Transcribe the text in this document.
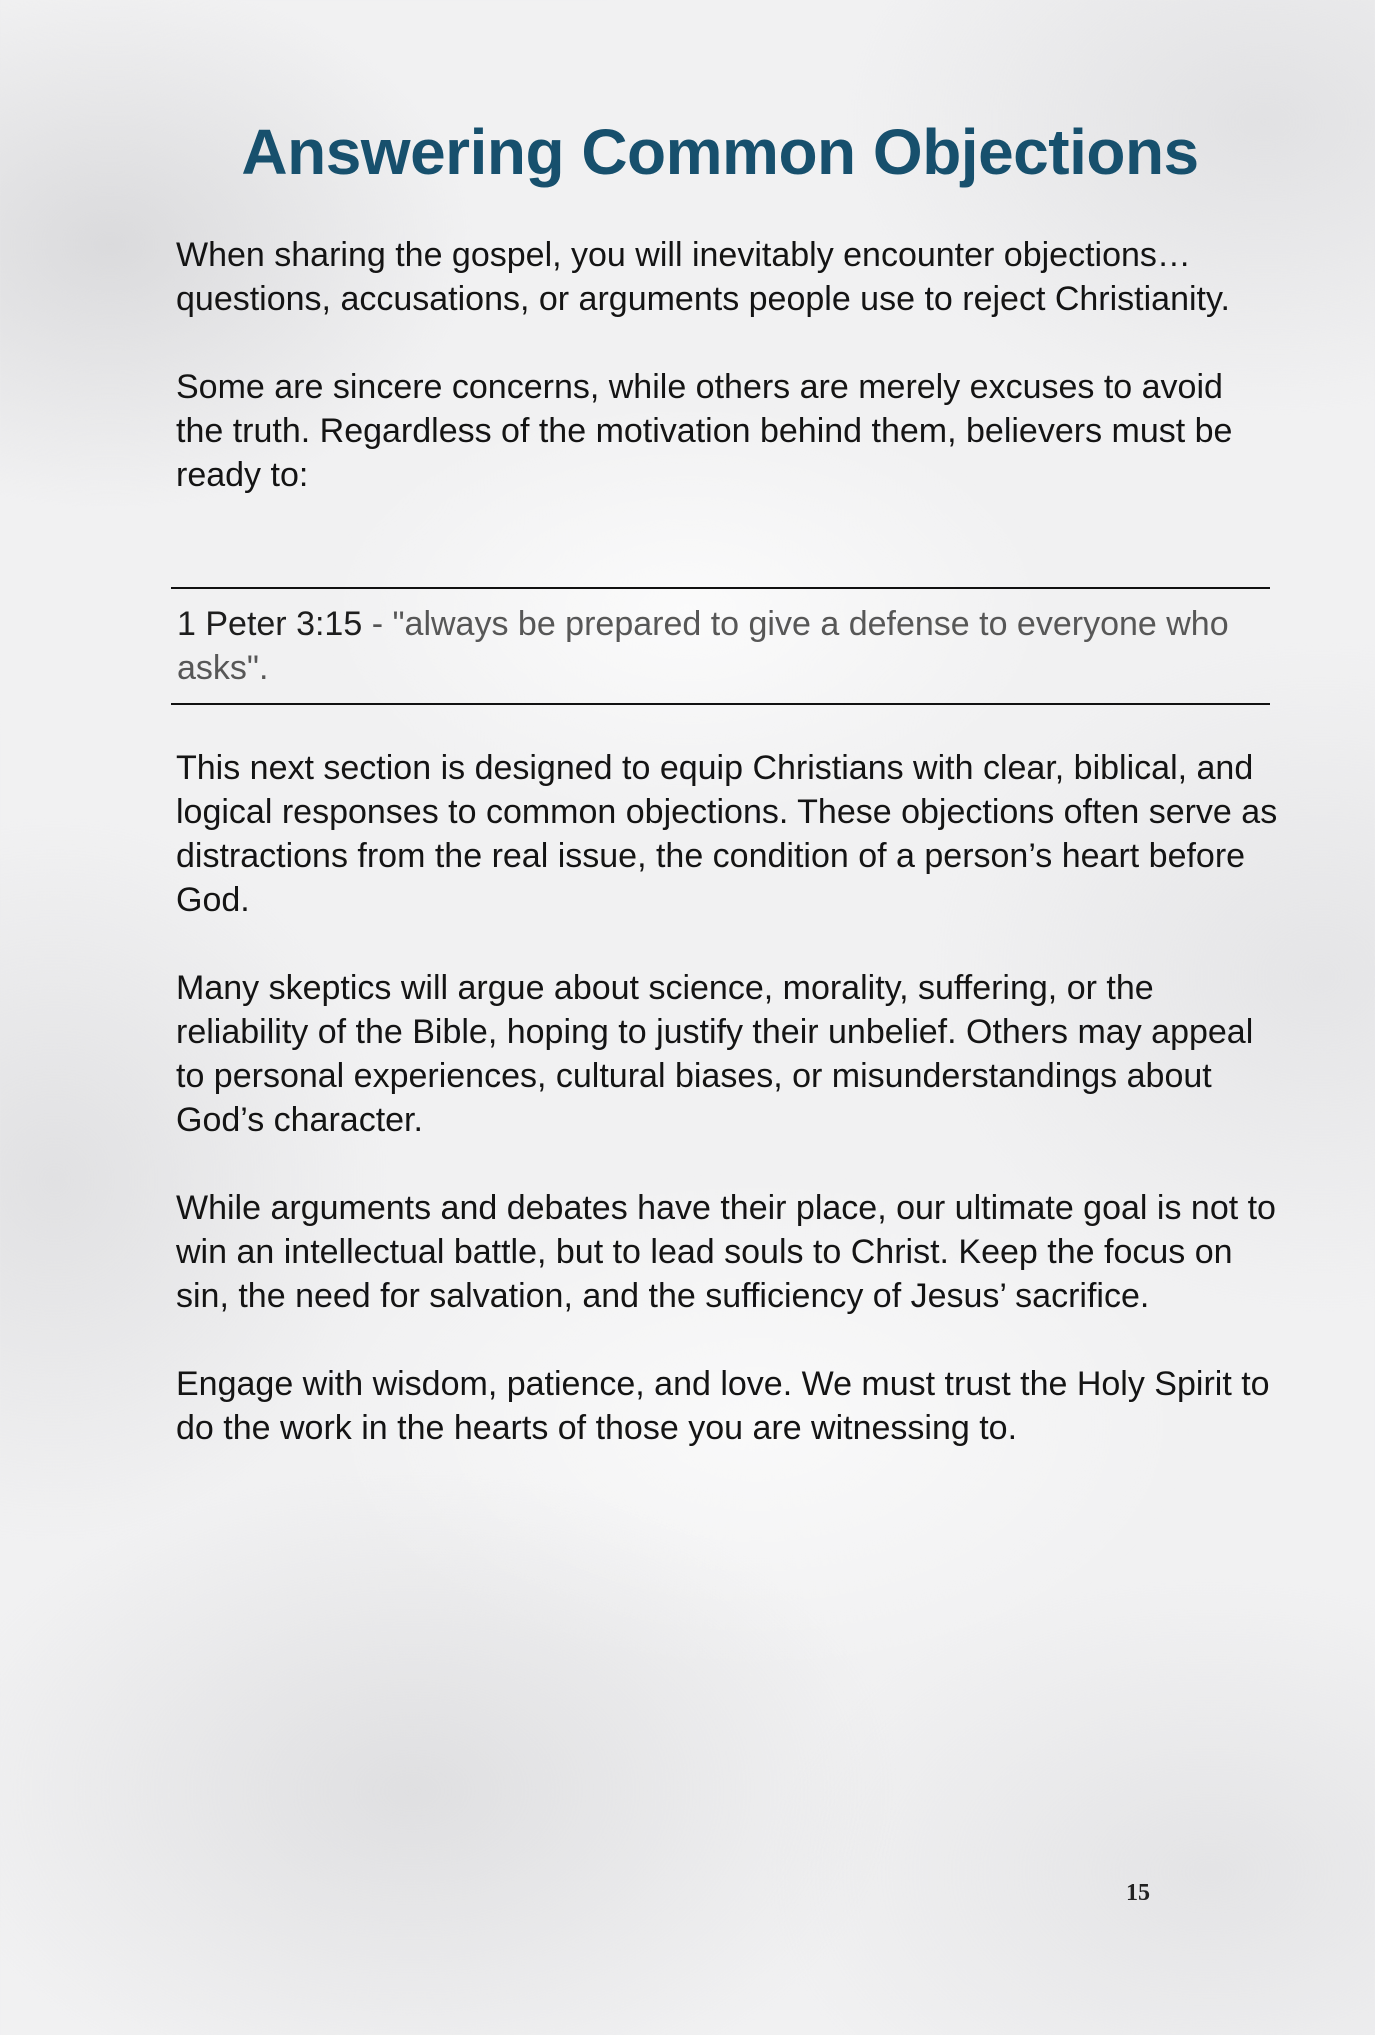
Answering Common Objections

When sharing the gospel, you will inevitably encounter objections… questions, accusations, or arguments people use to reject Christianity.

Some are sincere concerns, while others are merely excuses to avoid the truth. Regardless of the motivation behind them, believers must be ready to:

1 Peter 3:15 - "always be prepared to give a defense to everyone who asks".

This next section is designed to equip Christians with clear, biblical, and logical responses to common objections. These objections often serve as distractions from the real issue, the condition of a person’s heart before God.

Many skeptics will argue about science, morality, suffering, or the reliability of the Bible, hoping to justify their unbelief. Others may appeal to personal experiences, cultural biases, or misunderstandings about God’s character.

While arguments and debates have their place, our ultimate goal is not to win an intellectual battle, but to lead souls to Christ. Keep the focus on sin, the need for salvation, and the sufficiency of Jesus’ sacrifice.

Engage with wisdom, patience, and love. We must trust the Holy Spirit to do the work in the hearts of those you are witnessing to.

15
